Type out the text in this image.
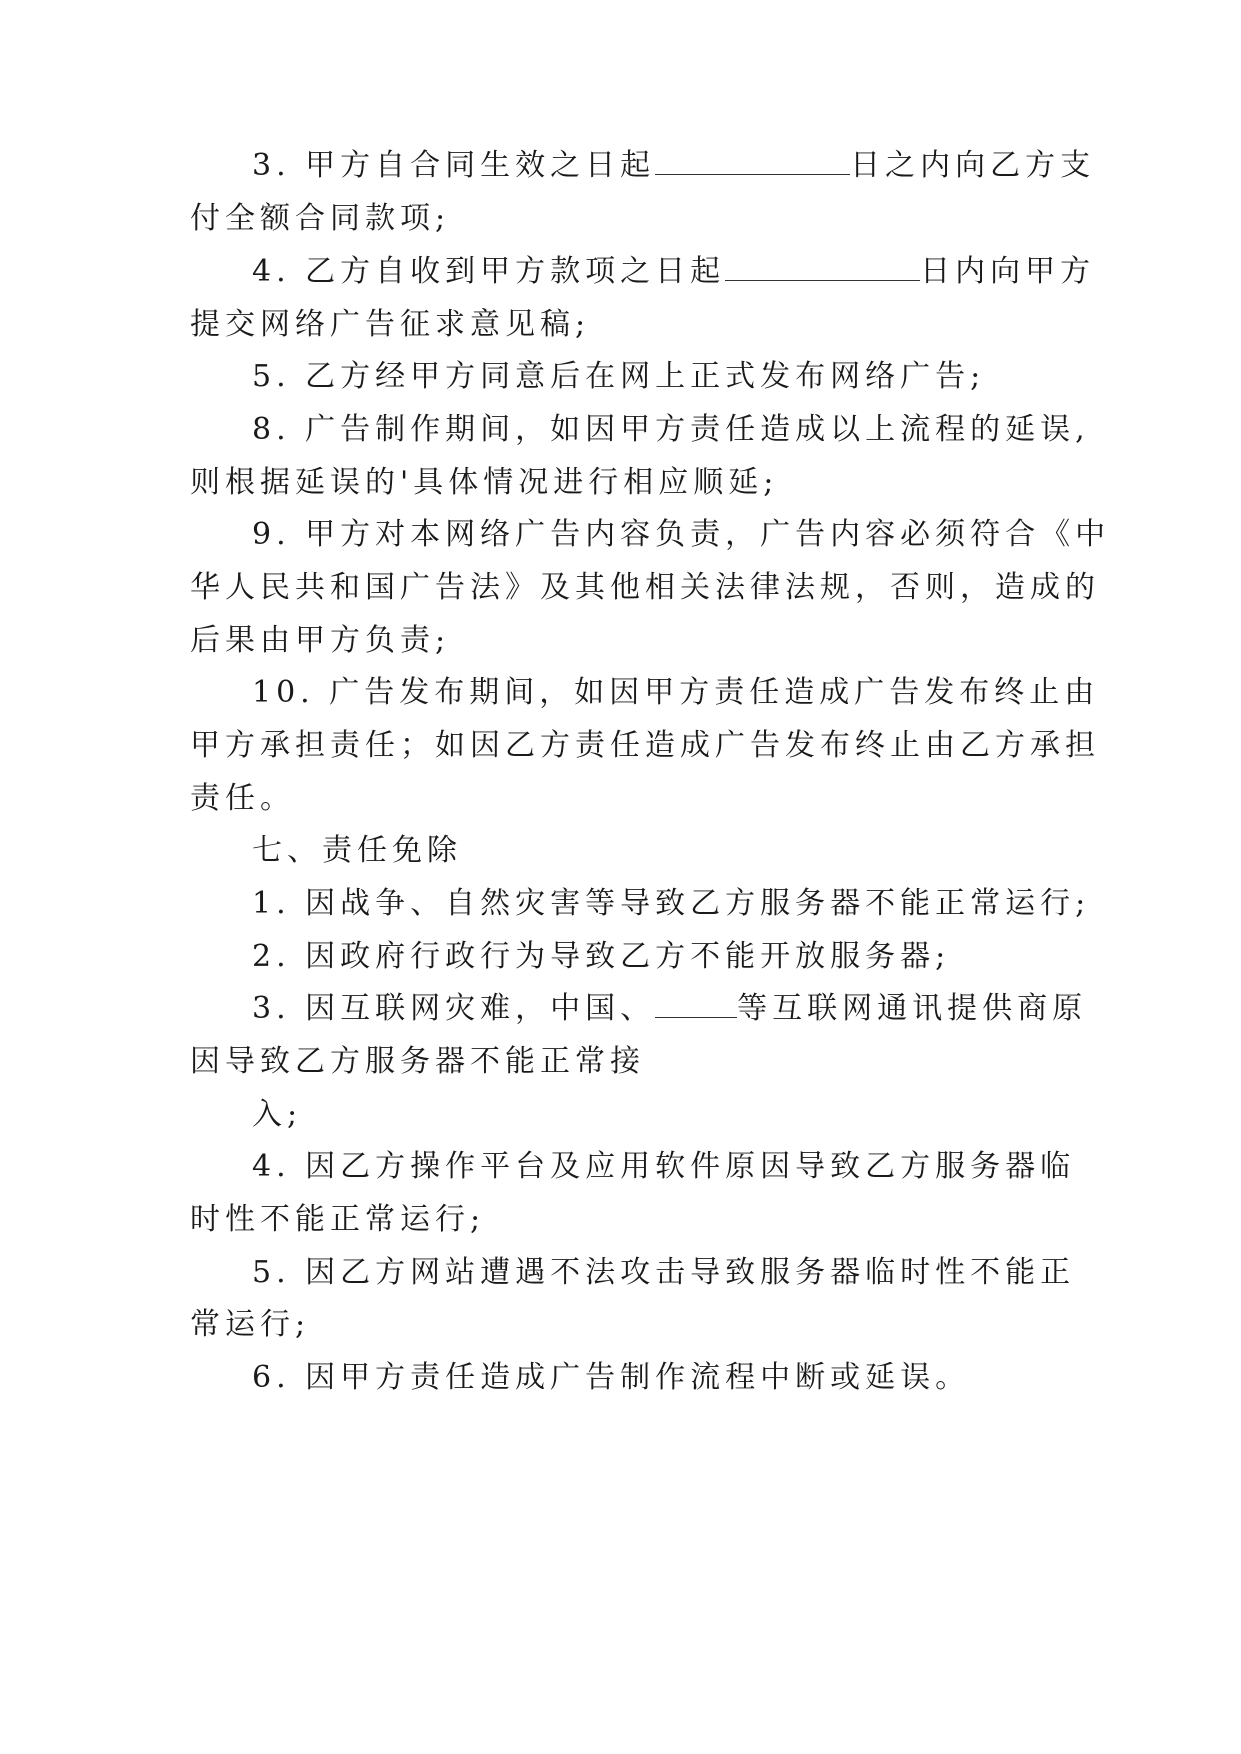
3. 甲方自合同生效之日起	日之内向乙方支
付全额合同款项;
4. 乙方自收到甲方款项之日起	日内向甲方
提交网络广告征求意见稿;
5. 乙方经甲方同意后在网上正式发布网络广告;
8. 广告制作期间，如因甲方责任造成以上流程的延误,
则根据延误的'具体情况进行相应顺延;
9. 甲方对本网络广告内容负责，广告内容必须符合《中
华人民共和国广告法》及其他相关法律法规，否则，造成的
后果由甲方负责;
10. 广告发布期间，如因甲方责任造成广告发布终止由
甲方承担责任；如因乙方责任造成广告发布终止由乙方承担
责任。
七、责任免除
1. 因战争、自然灾害等导致乙方服务器不能正常运行;
2. 因政府行政行为导致乙方不能开放服务器;
3. 因互联网灾难，中国、	等互联网通讯提供商原
因导致乙方服务器不能正常接
入;
4. 因乙方操作平台及应用软件原因导致乙方服务器临
时性不能正常运行;
5. 因乙方网站遭遇不法攻击导致服务器临时性不能正
常运行;
6. 因甲方责任造成广告制作流程中断或延误。
